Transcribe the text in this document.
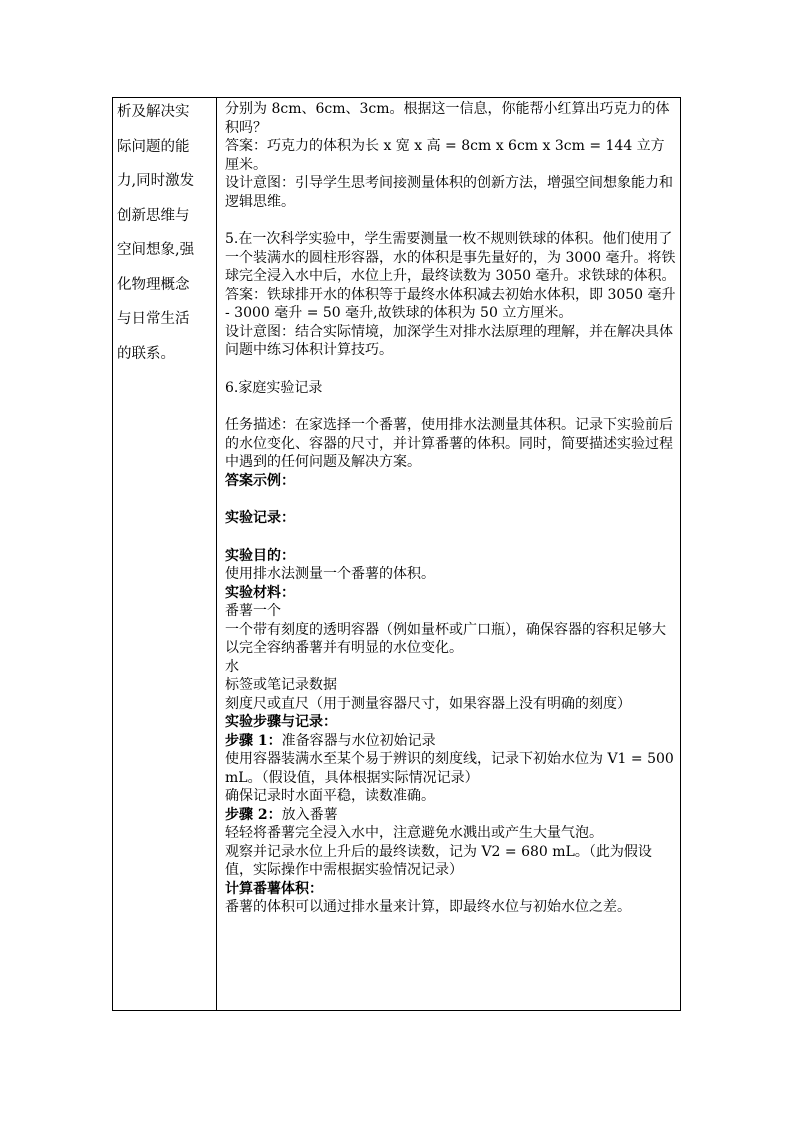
析及解决实
际问题的能
力,同时激发
创新思维与
空间想象,强
化物理概念
与日常生活
的联系。

分别为 8cm、6cm、3cm。根据这一信息，你能帮小红算出巧克力的体积吗？

答案：巧克力的体积为长 x 宽 x 高 = 8cm x 6cm x 3cm = 144 立方厘米。

设计意图：引导学生思考间接测量体积的创新方法，增强空间想象能力和逻辑思维。

5.在一次科学实验中，学生需要测量一枚不规则铁球的体积。他们使用了一个装满水的圆柱形容器，水的体积是事先量好的，为 3000 毫升。将铁球完全浸入水中后，水位上升，最终读数为 3050 毫升。求铁球的体积。

答案：铁球排开水的体积等于最终水体积减去初始水体积，即 3050 毫升 - 3000 毫升 = 50 毫升,故铁球的体积为 50 立方厘米。

设计意图：结合实际情境，加深学生对排水法原理的理解，并在解决具体问题中练习体积计算技巧。

6.家庭实验记录

任务描述：在家选择一个番薯，使用排水法测量其体积。记录下实验前后的水位变化、容器的尺寸，并计算番薯的体积。同时，简要描述实验过程中遇到的任何问题及解决方案。

答案示例：

实验记录：

实验目的：

使用排水法测量一个番薯的体积。

实验材料：

番薯一个

一个带有刻度的透明容器（例如量杯或广口瓶），确保容器的容积足够大以完全容纳番薯并有明显的水位变化。

水

标签或笔记录数据

刻度尺或直尺（用于测量容器尺寸，如果容器上没有明确的刻度）

实验步骤与记录：

步骤 1：准备容器与水位初始记录

使用容器装满水至某个易于辨识的刻度线，记录下初始水位为 V1 = 500 mL。（假设值，具体根据实际情况记录）

确保记录时水面平稳，读数准确。

步骤 2：放入番薯

轻轻将番薯完全浸入水中，注意避免水溅出或产生大量气泡。

观察并记录水位上升后的最终读数，记为 V2 = 680 mL。（此为假设值，实际操作中需根据实验情况记录）

计算番薯体积：

番薯的体积可以通过排水量来计算，即最终水位与初始水位之差。
